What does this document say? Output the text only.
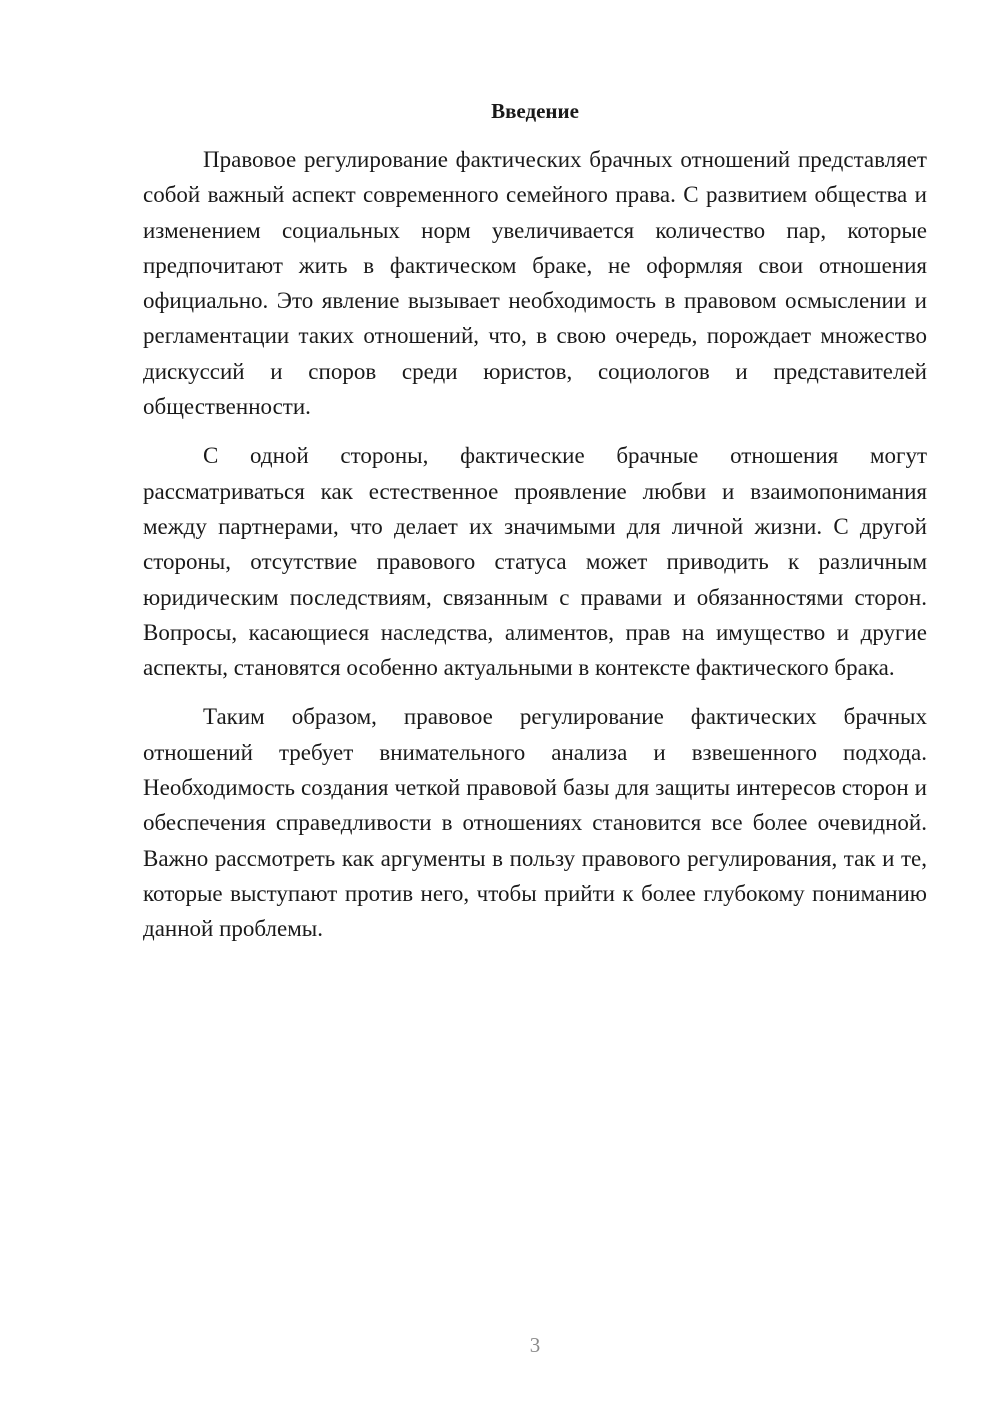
Введение

Правовое регулирование фактических брачных отношений представляет собой важный аспект современного семейного права. С развитием общества и изменением социальных норм увеличивается количество пар, которые предпочитают жить в фактическом браке, не оформляя свои отношения официально. Это явление вызывает необходимость в правовом осмыслении и регламентации таких отношений, что, в свою очередь, порождает множество дискуссий и споров среди юристов, социологов и представителей общественности.

С одной стороны, фактические брачные отношения могут рассматриваться как естественное проявление любви и взаимопонимания между партнерами, что делает их значимыми для личной жизни. С другой стороны, отсутствие правового статуса может приводить к различным юридическим последствиям, связанным с правами и обязанностями сторон. Вопросы, касающиеся наследства, алиментов, прав на имущество и другие аспекты, становятся особенно актуальными в контексте фактического брака.

Таким образом, правовое регулирование фактических брачных отношений требует внимательного анализа и взвешенного подхода. Необходимость создания четкой правовой базы для защиты интересов сторон и обеспечения справедливости в отношениях становится все более очевидной. Важно рассмотреть как аргументы в пользу правового регулирования, так и те, которые выступают против него, чтобы прийти к более глубокому пониманию данной проблемы.

3
